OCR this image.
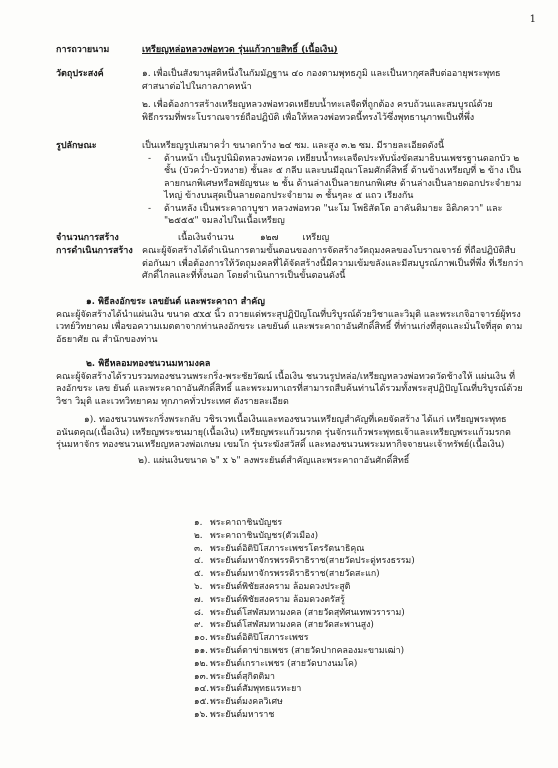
1
การถวายนาม	เหรียญหล่อหลวงพ่อทวด รุ่นแก้วกายสิทธิ์ (เนื้อเงิน)
วัตถุประสงค์	๑. เพื่อเป็นสังฆานุสติหนึ่งในกัมมัฏฐาน ๔๐ กองตามพุทธภูมิ และเป็นหากุศลสืบต่ออายุพระพุทธศาสนาต่อไปในกาลภาคหน้า

๒. เพื่อต้องการสร้างเหรียญหลวงพ่อทวดเหยียบน้ำทะเลจืดที่ถูกต้อง ครบถ้วนและสมบูรณ์ด้วยพิธีกรรมที่พระโบราณจารย์ถือปฏิบัติ เพื่อให้หลวงพ่อทวดนี้ทรงไว้ซึ่งพุทธานุภาพเป็นที่พึ่ง

รูปลักษณะ	เป็นเหรียญรูปเสมาคว่ำ ขนาดกว้าง ๒๔ ซม. และสูง ๓.๒ ซม. มีรายละเอียดดังนี้

- ด้านหน้า เป็นรูปนิมิตหลวงพ่อทวด เหยียบน้ำทะเลจืดประทับนั่งขัดสมาธิบนเพชรฐานดอกบัว ๒ ชั้น (บัวคว่ำ-บัวหงาย) ชั้นละ ๕ กลีบ และบนมีอุณาโลมศักดิ์สิทธิ์ ด้านข้างเหรียญที่ ๒ ข้าง เป็นลายกนกพิเศษหรือพยัญชนะ ๒ ชั้น ด้านล่างเป็นลายกนกพิเศษ ด้านล่างเป็นลายดอกประจำยามไหญ่ ข้างบนสุดเป็นลายดอกประจำยาม ๓ ชั้นๆละ ๕ แถว เรียงกัน

- ด้านหลัง เป็นพระคาถาบูชา หลวงพ่อทวด "นะโม โพธิสัตโต อาคันติมายะ อิติภควา" และ "๒๕๕๕" จมลงไปในเนื้อเหรียญ

จำนวนการสร้าง	เนื้อเงินจำนวน	๑๒๗	เหรียญ
การดำเนินการสร้าง	คณะผู้จัดสร้างได้ดำเนินการตามขั้นตอนของการจัดสร้างวัตถุมงคลของโบราณจารย์ ที่ถือปฏิบัติสืบต่อกันมา เพื่อต้องการให้วัตถุมงคลที่ได้จัดสร้างนี้มีความเข้มขลังและมีสมบูรณ์ภาพเป็นที่พึ่ง ที่เรียกว่า ศักดิ์ไกลและที่ทั้งนอก โดยดำเนินการเป็นขั้นตอนดังนี้

๑. พิธีลงอักขระ เลขยันต์ และพระคาถา สำคัญ

คณะผู้จัดสร้างได้นำแผ่นเงิน ขนาด ๕x๕ นิ้ว ถวายแด่พระสุปฏิปัญโณที่บริบูรณ์ด้วยวิชาและวิมุติ และพระเกจิอาจารย์ผู้ทรงเวทย์วิทยาคม เพื่อขอความเมตตาจากท่านลงอักขระ เลขยันต์ และพระคาถาอันศักดิ์สิทธิ์ ที่ท่านเก่งที่สุดและมั่นใจที่สุด ตามอัธยาศัย ณ สำนักของท่าน

๒. พิธีหลอมทองชนวนมหามงคล

คณะผู้จัดสร้างได้รวบรวมทองชนวนพระกริ่ง-พระชัยวัฒน์ เนื้อเงิน ชนวนรูปหล่อ/เหรียญหลวงพ่อทวดวัดช้างให้ แผ่นเงิน ที่ลงอักขระ เลข ยันต์ และพระคาถาอันศักดิ์สิทธิ์ และพระมหาเถรที่สามารถสืบค้นท่านได้รวมทั้งพระสุปฏิปัญโณที่บริบูรณ์ด้วยวิชา วิมุติ และเวทวิทยาคม ทุกภาคทั่วประเทศ ดังรายละเอียด

๑). ทองชนวนพระกริ่งพระกลับ วชิรเวทเนื้อเงินและทองชนวนเหรียญสำคัญที่เคยจัดสร้าง ได้แก่ เหรียญพระพุทธอนันตคุณ(เนื้อเงิน) เหรียญพระชนมายุ(เนื้อเงิน) เหรียญพระแก้วมรกต รุ่นจักรแก้วพระพุทธเจ้าและเหรียญพระแก้วมรกต รุ่นมหาจักร ทองชนวนเหรียญหลวงพ่อเกษม เขมโก รุ่นระฆังสวัสดิ์ และทองชนวนพระมหากิจจายนะเจ้าทรัพย์(เนื้อเงิน)

๒). แผ่นเงินขนาด ๖" x ๖" ลงพระยันต์สำคัญและพระคาถาอันศักดิ์สิทธิ์

๑. พระคาถาชินบัญชร
๒. พระคาถาชินบัญชร(ตัวเมือง)
๓. พระยันต์อิติปิโสภาระเพชรโตรรัตนาธิคุณ
๔. พระยันต์มหาจักรพรรดิราธิราช(สายวัดประดู่ทรงธรรม)
๕. พระยันต์มหาจักรพรรดิราธิราช(สายวัดสะแก)
๖. พระยันต์พิชัยสงคราม ล้อมดวงประสูติ
๗. พระยันต์พิชัยสงคราม ล้อมดวงตรัสรู้
๘. พระยันต์โสฬสมหามงคล (สายวัดสุทัศนเทพวราราม)
๙. พระยันต์โสฬสมหามงคล (สายวัดสะพานสูง)
๑๐. พระยันต์อิติปิโสภาระเพชร
๑๑. พระยันต์ตาข่ายเพชร (สายวัดปากคลองมะขามเฒ่า)
๑๒. พระยันต์เกราะเพชร (สายวัดบางนมโค)
๑๓. พระยันต์สุกิตติมา
๑๔.พระยันต์สัมพุทธแรหะยา
๑๕.พระยันต์มงคลวิเศษ
๑๖. พระยันต์มหาราช
